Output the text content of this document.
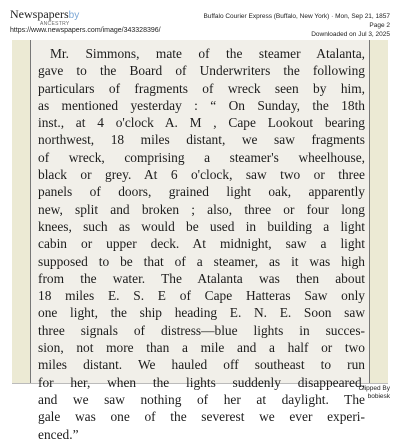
Newspapersby
ANCESTRY
https://www.newspapers.com/image/343328396/
Buffalo Courier Express (Buffalo, New York) · Mon, Sep 21, 1857
Page 2
Downloaded on Jul 3, 2025
Mr. Simmons, mate of the steamer Atalanta,
gave to the Board of Underwriters the following
particulars of fragments of wreck seen by him,
as mentioned yesterday : “ On Sunday, the 18th
inst., at 4 o'clock A. M , Cape Lookout bearing
northwest, 18 miles distant, we saw fragments
of wreck, comprising a steamer's wheelhouse,
black or grey. At 6 o'clock, saw two or three
panels of doors, grained light oak, apparently
new, split and broken ; also, three or four long
knees, such as would be used in building a light
cabin or upper deck. At midnight, saw a light
supposed to be that of a steamer, as it was high
from the water. The Atalanta was then about
18 miles E. S. E of Cape Hatteras Saw only
one light, the ship heading E. N. E. Soon saw
three signals of distress—blue lights in succes-
sion, not more than a mile and a half or two
miles distant. We hauled off southeast to run
for her, when the lights suddenly disappeared,
and we saw nothing of her at daylight. The
gale was one of the severest we ever experi-
enced.”
Clipped By
bobiesk
